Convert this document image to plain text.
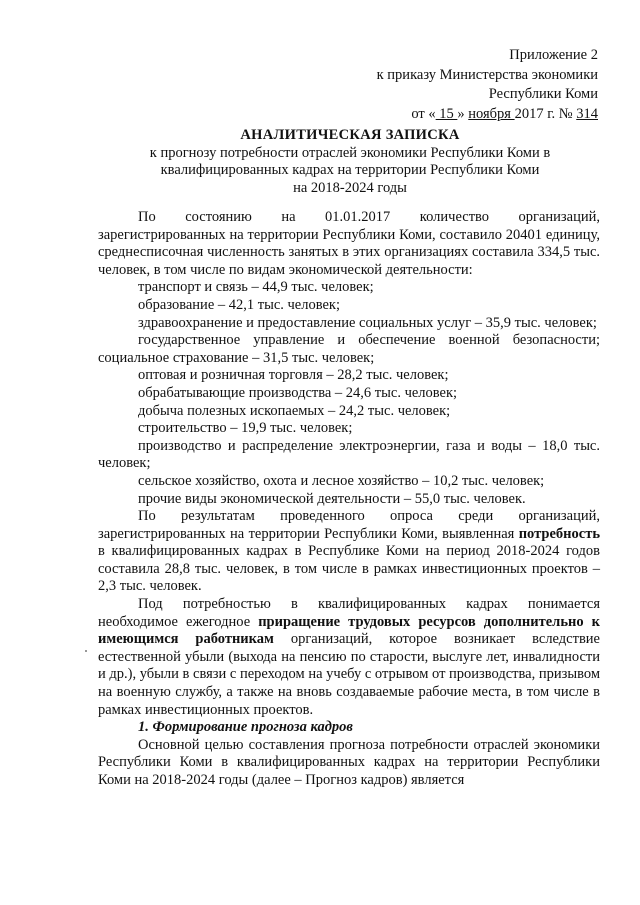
Приложение 2
к приказу Министерства экономики
Республики Коми
от « 15 » ноября 2017 г. № 314
АНАЛИТИЧЕСКАЯ ЗАПИСКА
к прогнозу потребности отраслей экономики Республики Коми в
квалифицированных кадрах на территории Республики Коми
на 2018-2024 годы

По состоянию на 01.01.2017 количество организаций, зарегистрированных на территории Республики Коми, составило 20401 единицу, среднесписочная численность занятых в этих организациях составила 334,5 тыс. человек, в том числе по видам экономической деятельности:

транспорт и связь – 44,9 тыс. человек;

образование – 42,1 тыс. человек;

здравоохранение и предоставление социальных услуг – 35,9 тыс. человек;

государственное управление и обеспечение военной безопасности; социальное страхование – 31,5 тыс. человек;

оптовая и розничная торговля – 28,2 тыс. человек;

обрабатывающие производства – 24,6 тыс. человек;

добыча полезных ископаемых – 24,2 тыс. человек;

строительство – 19,9 тыс. человек;

производство и распределение электроэнергии, газа и воды – 18,0 тыс. человек;

сельское хозяйство, охота и лесное хозяйство – 10,2 тыс. человек;

прочие виды экономической деятельности – 55,0 тыс. человек.

По результатам проведенного опроса среди организаций, зарегистрированных на территории Республики Коми, выявленная потребность в квалифицированных кадрах в Республике Коми на период 2018-2024 годов составила 28,8 тыс. человек, в том числе в рамках инвестиционных проектов – 2,3 тыс. человек.

Под потребностью в квалифицированных кадрах понимается необходимое ежегодное приращение трудовых ресурсов дополнительно к имеющимся работникам организаций, которое возникает вследствие естественной убыли (выхода на пенсию по старости, выслуге лет, инвалидности и др.), убыли в связи с переходом на учебу с отрывом от производства, призывом на военную службу, а также на вновь создаваемые рабочие места, в том числе в рамках инвестиционных проектов.

1. Формирование прогноза кадров

Основной целью составления прогноза потребности отраслей экономики Республики Коми в квалифицированных кадрах на территории Республики Коми на 2018-2024 годы (далее – Прогноз кадров) является
